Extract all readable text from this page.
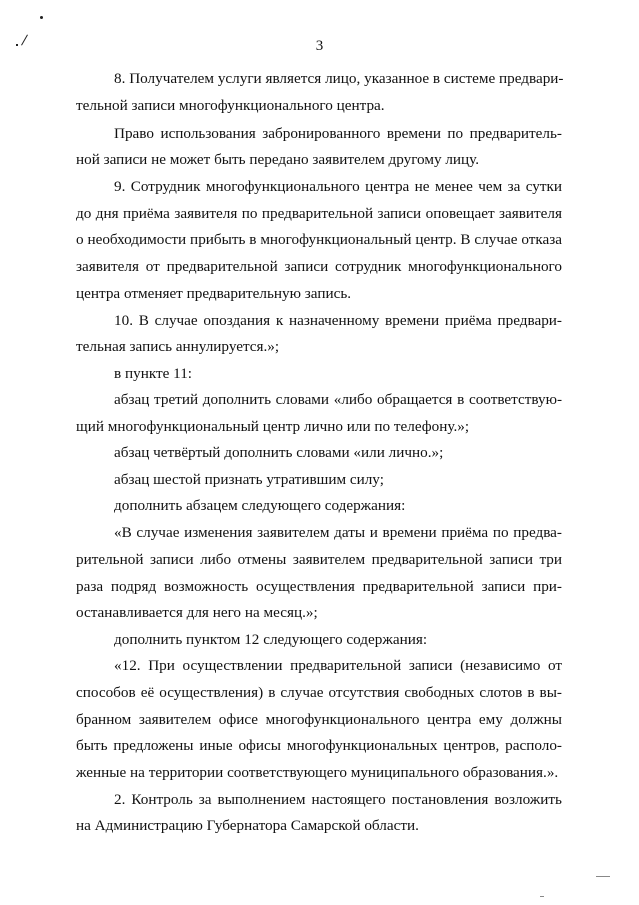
3
8. Получателем услуги является лицо, указанное в системе предвари-
тельной записи многофункционального центра.
Право использования забронированного времени по предваритель-
ной записи не может быть передано заявителем другому лицу.
9. Сотрудник многофункционального центра не менее чем за сутки
до дня приёма заявителя по предварительной записи оповещает заявителя
о необходимости прибыть в многофункциональный центр. В случае отказа
заявителя от предварительной записи сотрудник многофункционального
центра отменяет предварительную запись.
10. В случае опоздания к назначенному времени приёма предвари-
тельная запись аннулируется.»;
в пункте 11:
абзац третий дополнить словами «либо обращается в соответствую-
щий многофункциональный центр лично или по телефону.»;
абзац четвёртый дополнить словами «или лично.»;
абзац шестой признать утратившим силу;
дополнить абзацем следующего содержания:
«В случае изменения заявителем даты и времени приёма по предва-
рительной записи либо отмены заявителем предварительной записи три
раза подряд возможность осуществления предварительной записи при-
останавливается для него на месяц.»;
дополнить пунктом 12 следующего содержания:
«12. При осуществлении предварительной записи (независимо от
способов её осуществления) в случае отсутствия свободных слотов в вы-
бранном заявителем офисе многофункционального центра ему должны
быть предложены иные офисы многофункциональных центров, располо-
женные на территории соответствующего муниципального образования.».
2. Контроль за выполнением настоящего постановления возложить
на Администрацию Губернатора Самарской области.
